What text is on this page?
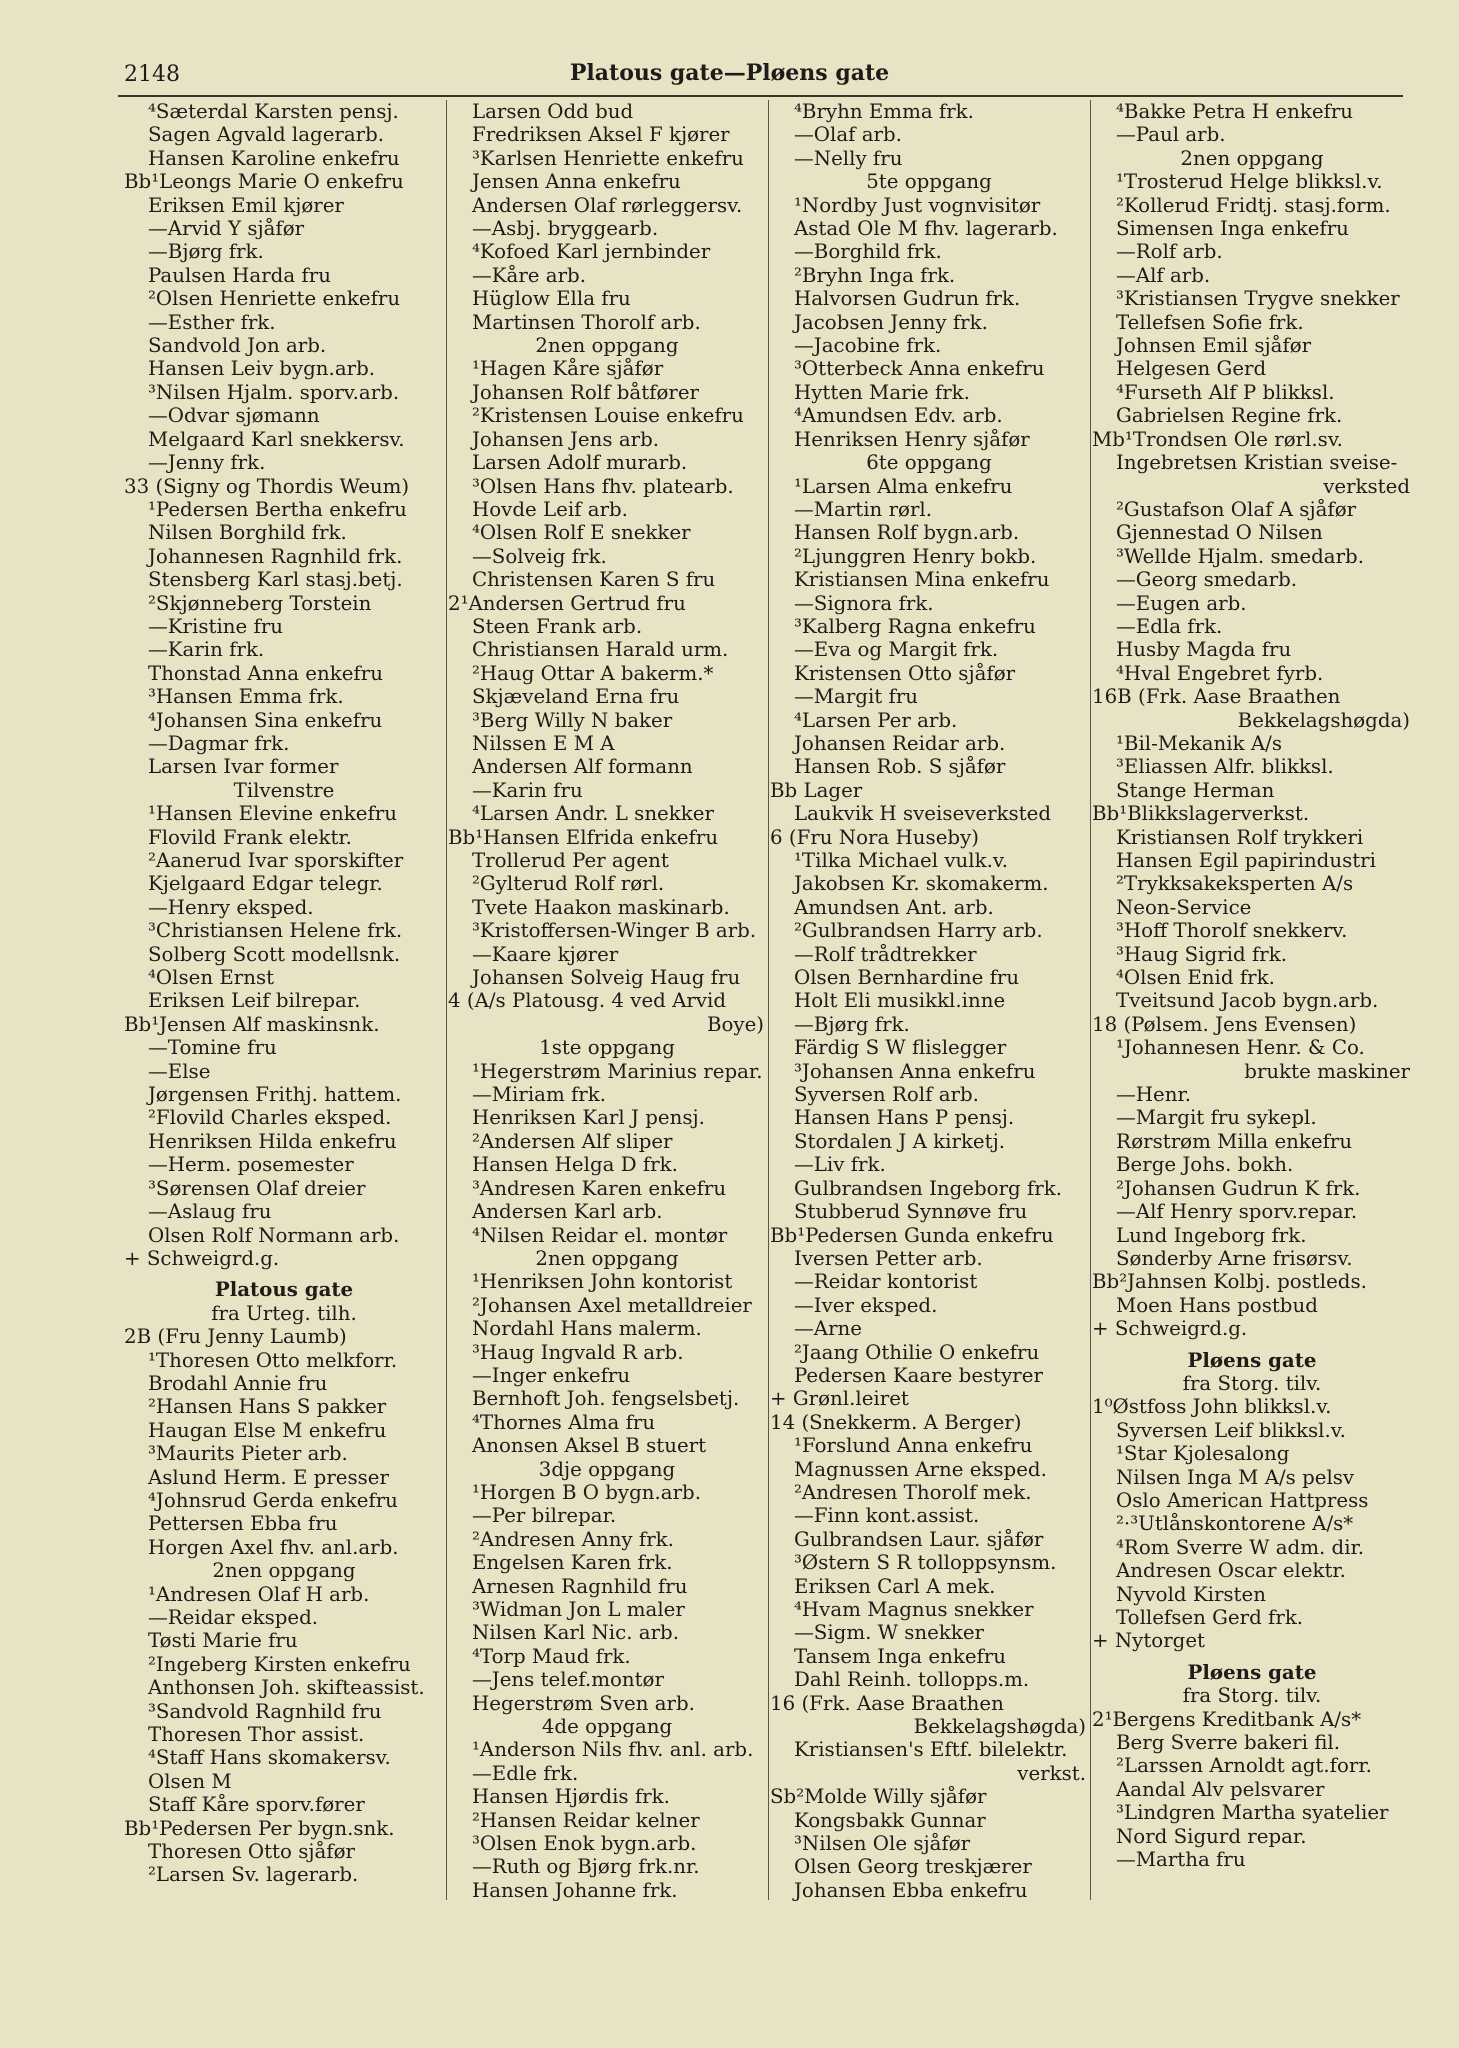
2148	Platous gate—Pløens gate
⁴Sæterdal Karsten pensj.
Sagen Agvald lagerarb.
Hansen Karoline enkefru
Bb¹Leongs Marie O enkefru
Eriksen Emil kjører
—Arvid Y sjåfør
—Bjørg frk.
Paulsen Harda fru
²Olsen Henriette enkefru
—Esther frk.
Sandvold Jon arb.
Hansen Leiv bygn.arb.
³Nilsen Hjalm. sporv.arb.
—Odvar sjømann
Melgaard Karl snekkersv.
—Jenny frk.
33 (Signy og Thordis Weum)
¹Pedersen Bertha enkefru
Nilsen Borghild frk.
Johannesen Ragnhild frk.
Stensberg Karl stasj.betj.
²Skjønneberg Torstein
—Kristine fru
—Karin frk.
Thonstad Anna enkefru
³Hansen Emma frk.
⁴Johansen Sina enkefru
—Dagmar frk.
Larsen Ivar former
Tilvenstre
¹Hansen Elevine enkefru
Flovild Frank elektr.
²Aanerud Ivar sporskifter
Kjelgaard Edgar telegr.
—Henry eksped.
³Christiansen Helene frk.
Solberg Scott modellsnk.
⁴Olsen Ernst
Eriksen Leif bilrepar.
Bb¹Jensen Alf maskinsnk.
—Tomine fru
—Else
Jørgensen Frithj. hattem.
²Flovild Charles eksped.
Henriksen Hilda enkefru
—Herm. posemester
³Sørensen Olaf dreier
—Aslaug fru
Olsen Rolf Normann arb.
+ Schweigrd.g.
Platous gate
fra Urteg. tilh.
2B (Fru Jenny Laumb)
¹Thoresen Otto melkforr.
Brodahl Annie fru
²Hansen Hans S pakker
Haugan Else M enkefru
³Maurits Pieter arb.
Aslund Herm. E presser
⁴Johnsrud Gerda enkefru
Pettersen Ebba fru
Horgen Axel fhv. anl.arb.
2nen oppgang
¹Andresen Olaf H arb.
—Reidar eksped.
Tøsti Marie fru
²Ingeberg Kirsten enkefru
Anthonsen Joh. skifteassist.
³Sandvold Ragnhild fru
Thoresen Thor assist.
⁴Staff Hans skomakersv.
Olsen M
Staff Kåre sporv.fører
Bb¹Pedersen Per bygn.snk.
Thoresen Otto sjåfør
²Larsen Sv. lagerarb.
Larsen Odd bud
Fredriksen Aksel F kjører
³Karlsen Henriette enkefru
Jensen Anna enkefru
Andersen Olaf rørleggersv.
—Asbj. bryggearb.
⁴Kofoed Karl jernbinder
—Kåre arb.
Hüglow Ella fru
Martinsen Thorolf arb.
2nen oppgang
¹Hagen Kåre sjåfør
Johansen Rolf båtfører
²Kristensen Louise enkefru
Johansen Jens arb.
Larsen Adolf murarb.
³Olsen Hans fhv. platearb.
Hovde Leif arb.
⁴Olsen Rolf E snekker
—Solveig frk.
Christensen Karen S fru
2¹Andersen Gertrud fru
Steen Frank arb.
Christiansen Harald urm.
²Haug Ottar A bakerm.*
Skjæveland Erna fru
³Berg Willy N baker
Nilssen E M A
Andersen Alf formann
—Karin fru
⁴Larsen Andr. L snekker
Bb¹Hansen Elfrida enkefru
Trollerud Per agent
²Gylterud Rolf rørl.
Tvete Haakon maskinarb.
³Kristoffersen-Winger B arb.
—Kaare kjører
Johansen Solveig Haug fru
4 (A/s Platousg. 4 ved Arvid
Boye)
1ste oppgang
¹Hegerstrøm Marinius repar.
—Miriam frk.
Henriksen Karl J pensj.
²Andersen Alf sliper
Hansen Helga D frk.
³Andresen Karen enkefru
Andersen Karl arb.
⁴Nilsen Reidar el. montør
2nen oppgang
¹Henriksen John kontorist
²Johansen Axel metalldreier
Nordahl Hans malerm.
³Haug Ingvald R arb.
—Inger enkefru
Bernhoft Joh. fengselsbetj.
⁴Thornes Alma fru
Anonsen Aksel B stuert
3dje oppgang
¹Horgen B O bygn.arb.
—Per bilrepar.
²Andresen Anny frk.
Engelsen Karen frk.
Arnesen Ragnhild fru
³Widman Jon L maler
Nilsen Karl Nic. arb.
⁴Torp Maud frk.
—Jens telef.montør
Hegerstrøm Sven arb.
4de oppgang
¹Anderson Nils fhv. anl. arb.
—Edle frk.
Hansen Hjørdis frk.
²Hansen Reidar kelner
³Olsen Enok bygn.arb.
—Ruth og Bjørg frk.nr.
Hansen Johanne frk.
⁴Bryhn Emma frk.
—Olaf arb.
—Nelly fru
5te oppgang
¹Nordby Just vognvisitør
Astad Ole M fhv. lagerarb.
—Borghild frk.
²Bryhn Inga frk.
Halvorsen Gudrun frk.
Jacobsen Jenny frk.
—Jacobine frk.
³Otterbeck Anna enkefru
Hytten Marie frk.
⁴Amundsen Edv. arb.
Henriksen Henry sjåfør
6te oppgang
¹Larsen Alma enkefru
—Martin rørl.
Hansen Rolf bygn.arb.
²Ljunggren Henry bokb.
Kristiansen Mina enkefru
—Signora frk.
³Kalberg Ragna enkefru
—Eva og Margit frk.
Kristensen Otto sjåfør
—Margit fru
⁴Larsen Per arb.
Johansen Reidar arb.
Hansen Rob. S sjåfør
Bb Lager
Laukvik H sveiseverksted
6 (Fru Nora Huseby)
¹Tilka Michael vulk.v.
Jakobsen Kr. skomakerm.
Amundsen Ant. arb.
²Gulbrandsen Harry arb.
—Rolf trådtrekker
Olsen Bernhardine fru
Holt Eli musikkl.inne
—Bjørg frk.
Färdig S W flislegger
³Johansen Anna enkefru
Syversen Rolf arb.
Hansen Hans P pensj.
Stordalen J A kirketj.
—Liv frk.
Gulbrandsen Ingeborg frk.
Stubberud Synnøve fru
Bb¹Pedersen Gunda enkefru
Iversen Petter arb.
—Reidar kontorist
—Iver eksped.
—Arne
²Jaang Othilie O enkefru
Pedersen Kaare bestyrer
+ Grønl.leiret
14 (Snekkerm. A Berger)
¹Forslund Anna enkefru
Magnussen Arne eksped.
²Andresen Thorolf mek.
—Finn kont.assist.
Gulbrandsen Laur. sjåfør
³Østern S R tolloppsynsm.
Eriksen Carl A mek.
⁴Hvam Magnus snekker
—Sigm. W snekker
Tansem Inga enkefru
Dahl Reinh. tollopps.m.
16 (Frk. Aase Braathen
Bekkelagshøgda)
Kristiansen's Eftf. bilelektr.
verkst.
Sb²Molde Willy sjåfør
Kongsbakk Gunnar
³Nilsen Ole sjåfør
Olsen Georg treskjærer
Johansen Ebba enkefru
⁴Bakke Petra H enkefru
—Paul arb.
2nen oppgang
¹Trosterud Helge blikksl.v.
²Kollerud Fridtj. stasj.form.
Simensen Inga enkefru
—Rolf arb.
—Alf arb.
³Kristiansen Trygve snekker
Tellefsen Sofie frk.
Johnsen Emil sjåfør
Helgesen Gerd
⁴Furseth Alf P blikksl.
Gabrielsen Regine frk.
Mb¹Trondsen Ole rørl.sv.
Ingebretsen Kristian sveise-
verksted
²Gustafson Olaf A sjåfør
Gjennestad O Nilsen
³Wellde Hjalm. smedarb.
—Georg smedarb.
—Eugen arb.
—Edla frk.
Husby Magda fru
⁴Hval Engebret fyrb.
16B (Frk. Aase Braathen
Bekkelagshøgda)
¹Bil-Mekanik A/s
³Eliassen Alfr. blikksl.
Stange Herman
Bb¹Blikkslagerverkst.
Kristiansen Rolf trykkeri
Hansen Egil papirindustri
²Trykksakeksperten A/s
Neon-Service
³Hoff Thorolf snekkerv.
³Haug Sigrid frk.
⁴Olsen Enid frk.
Tveitsund Jacob bygn.arb.
18 (Pølsem. Jens Evensen)
¹Johannesen Henr. & Co.
brukte maskiner
—Henr.
—Margit fru sykepl.
Rørstrøm Milla enkefru
Berge Johs. bokh.
²Johansen Gudrun K frk.
—Alf Henry sporv.repar.
Lund Ingeborg frk.
Sønderby Arne frisørsv.
Bb²Jahnsen Kolbj. postleds.
Moen Hans postbud
+ Schweigrd.g.
Pløens gate
fra Storg. tilv.
1⁰Østfoss John blikksl.v.
Syversen Leif blikksl.v.
¹Star Kjolesalong
Nilsen Inga M A/s pelsv
Oslo American Hattpress
²·³Utlånskontorene A/s*
⁴Rom Sverre W adm. dir.
Andresen Oscar elektr.
Nyvold Kirsten
Tollefsen Gerd frk.
+ Nytorget
Pløens gate
fra Storg. tilv.
2¹Bergens Kreditbank A/s*
Berg Sverre bakeri fil.
²Larssen Arnoldt agt.forr.
Aandal Alv pelsvarer
³Lindgren Martha syatelier
Nord Sigurd repar.
—Martha fru
